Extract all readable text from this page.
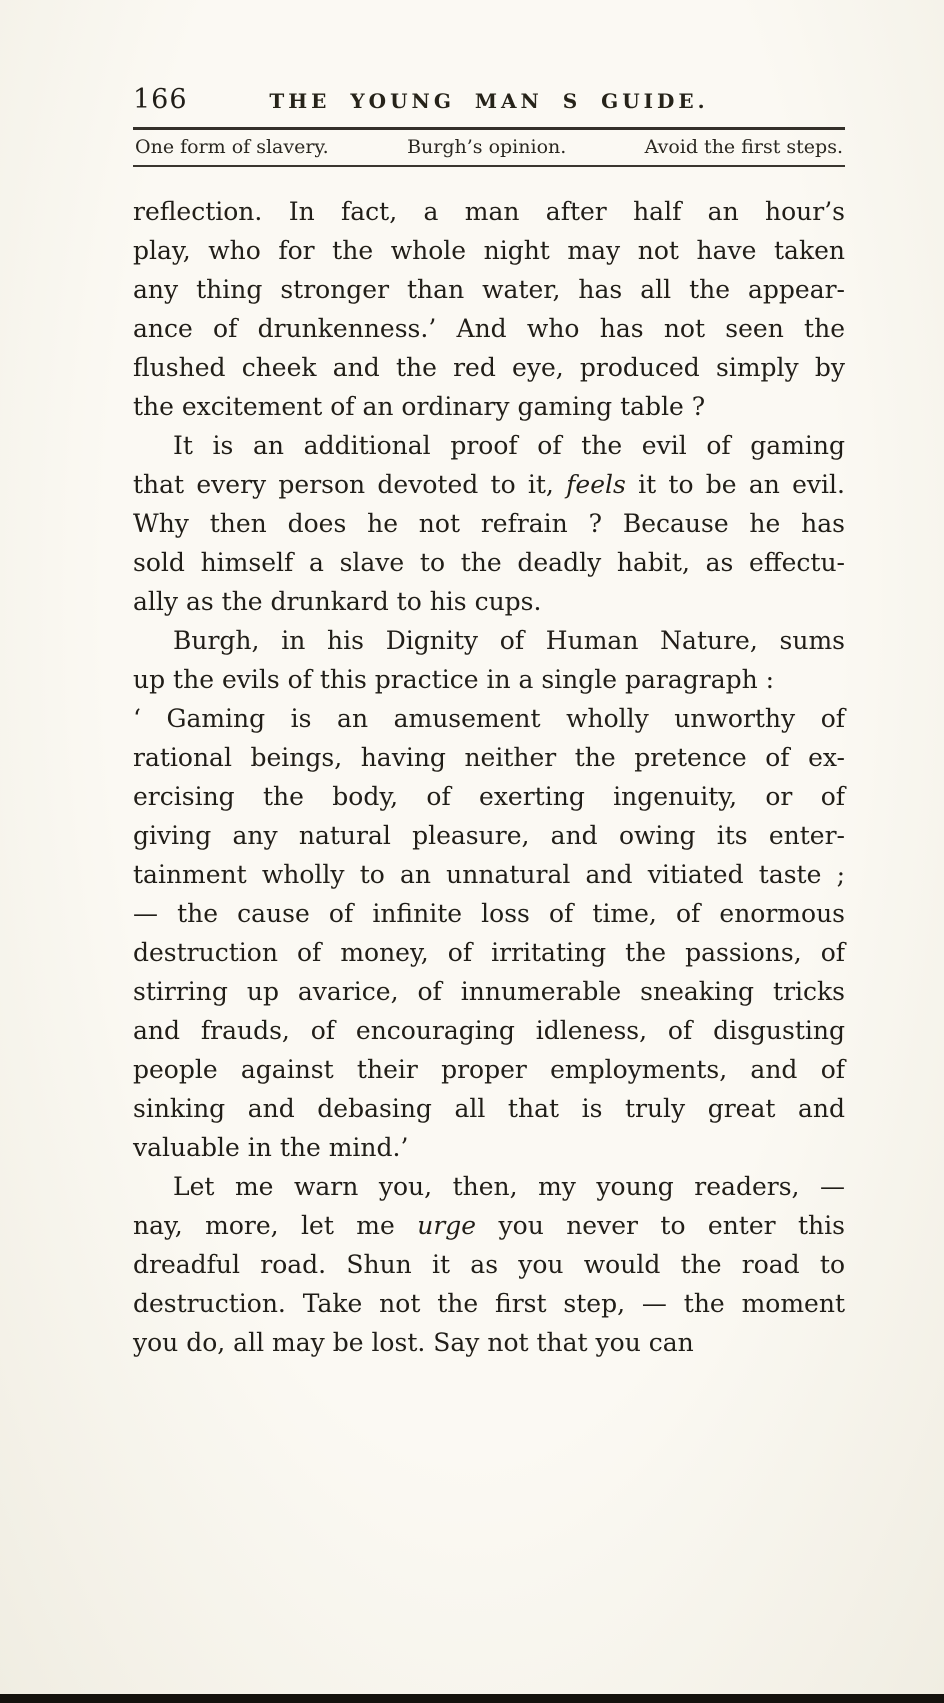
166	THE YOUNG MAN S GUIDE.
One form of slavery.	Burgh’s opinion.	Avoid the first steps.
reflection. In fact, a man after half an hour’s
play, who for the whole night may not have taken
any thing stronger than water, has all the appear-
ance of drunkenness.’ And who has not seen the
flushed cheek and the red eye, produced simply by
the excitement of an ordinary gaming table ?
It is an additional proof of the evil of gaming
that every person devoted to it, feels it to be an evil.
Why then does he not refrain ? Because he has
sold himself a slave to the deadly habit, as effectu-
ally as the drunkard to his cups.
Burgh, in his Dignity of Human Nature, sums
up the evils of this practice in a single paragraph :
‘ Gaming is an amusement wholly unworthy of
rational beings, having neither the pretence of ex-
ercising the body, of exerting ingenuity, or of
giving any natural pleasure, and owing its enter-
tainment wholly to an unnatural and vitiated taste ;
— the cause of infinite loss of time, of enormous
destruction of money, of irritating the passions, of
stirring up avarice, of innumerable sneaking tricks
and frauds, of encouraging idleness, of disgusting
people against their proper employments, and of
sinking and debasing all that is truly great and
valuable in the mind.’
Let me warn you, then, my young readers, —
nay, more, let me urge you never to enter this
dreadful road. Shun it as you would the road to
destruction. Take not the first step, — the moment
you do, all may be lost. Say not that you can
